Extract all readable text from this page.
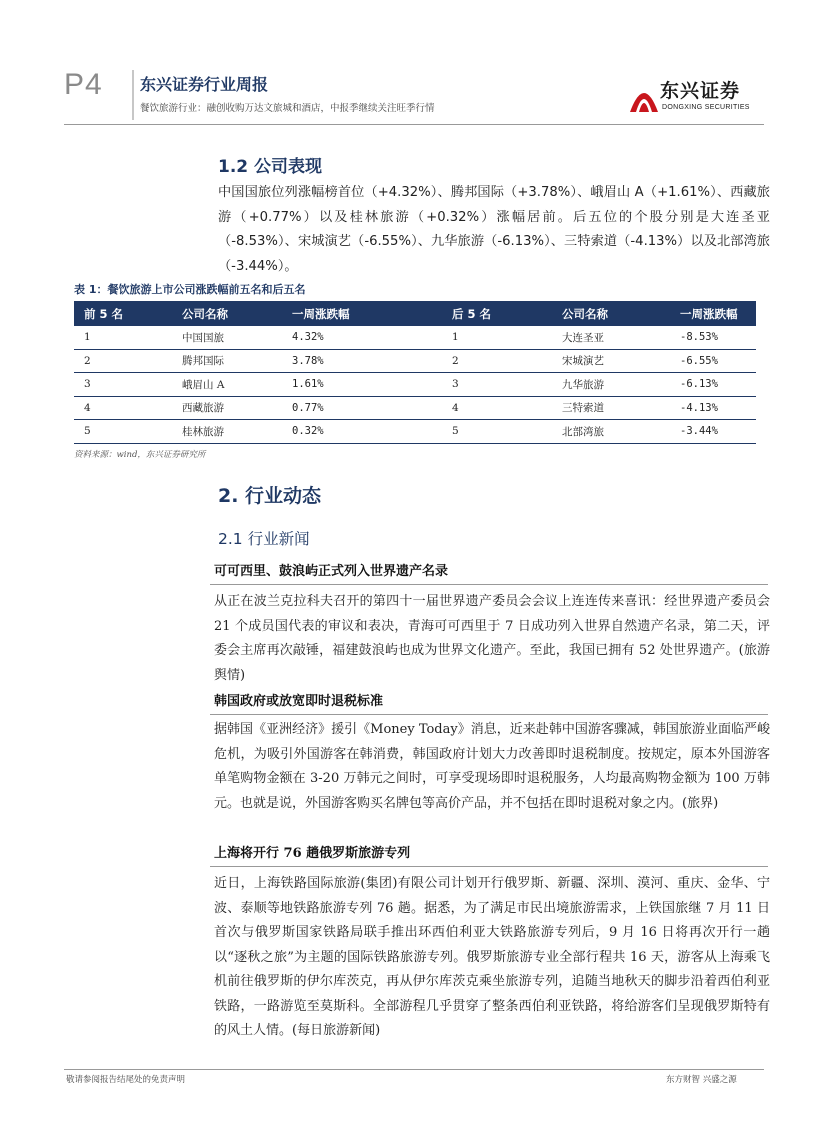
P4 东兴证券行业周报
餐饮旅游行业：融创收购万达文旅城和酒店，中报季继续关注旺季行情
东兴证券
DONGXING SECURITIES
1.2 公司表现
中国国旅位列涨幅榜首位（+4.32%）、腾邦国际（+3.78%）、峨眉山 A（+1.61%）、西藏旅游（+0.77%）以及桂林旅游（+0.32%）涨幅居前。后五位的个股分别是大连圣亚（-8.53%）、宋城演艺（-6.55%）、九华旅游（-6.13%）、三特索道（-4.13%）以及北部湾旅（-3.44%）。
表 1：餐饮旅游上市公司涨跌幅前五名和后五名
前 5 名	公司名称	一周涨跌幅	后 5 名	公司名称	一周涨跌幅
1	中国国旅	4.32%	1	大连圣亚	-8.53%
2	腾邦国际	3.78%	2	宋城演艺	-6.55%
3	峨眉山 A	1.61%	3	九华旅游	-6.13%
4	西藏旅游	0.77%	4	三特索道	-4.13%
5	桂林旅游	0.32%	5	北部湾旅	-3.44%
资料来源：wind，东兴证券研究所
2. 行业动态
2.1 行业新闻
可可西里、鼓浪屿正式列入世界遗产名录
从正在波兰克拉科夫召开的第四十一届世界遗产委员会会议上连连传来喜讯：经世界遗产委员会 21 个成员国代表的审议和表决，青海可可西里于 7 日成功列入世界自然遗产名录，第二天，评委会主席再次敲锤，福建鼓浪屿也成为世界文化遗产。至此，我国已拥有 52 处世界遗产。(旅游舆情)
韩国政府或放宽即时退税标准
据韩国《亚洲经济》援引《Money Today》消息，近来赴韩中国游客骤减，韩国旅游业面临严峻危机，为吸引外国游客在韩消费，韩国政府计划大力改善即时退税制度。按规定，原本外国游客单笔购物金额在 3-20 万韩元之间时，可享受现场即时退税服务，人均最高购物金额为 100 万韩元。也就是说，外国游客购买名牌包等高价产品，并不包括在即时退税对象之内。(旅界)
上海将开行 76 趟俄罗斯旅游专列
近日，上海铁路国际旅游(集团)有限公司计划开行俄罗斯、新疆、深圳、漠河、重庆、金华、宁波、泰顺等地铁路旅游专列 76 趟。据悉，为了满足市民出境旅游需求，上铁国旅继 7 月 11 日首次与俄罗斯国家铁路局联手推出环西伯利亚大铁路旅游专列后，9 月 16 日将再次开行一趟以“逐秋之旅”为主题的国际铁路旅游专列。俄罗斯旅游专业全部行程共 16 天，游客从上海乘飞机前往俄罗斯的伊尔库茨克，再从伊尔库茨克乘坐旅游专列，追随当地秋天的脚步沿着西伯利亚铁路，一路游览至莫斯科。全部游程几乎贯穿了整条西伯利亚铁路，将给游客们呈现俄罗斯特有的风土人情。(每日旅游新闻)
敬请参阅报告结尾处的免责声明	东方财智 兴盛之源
